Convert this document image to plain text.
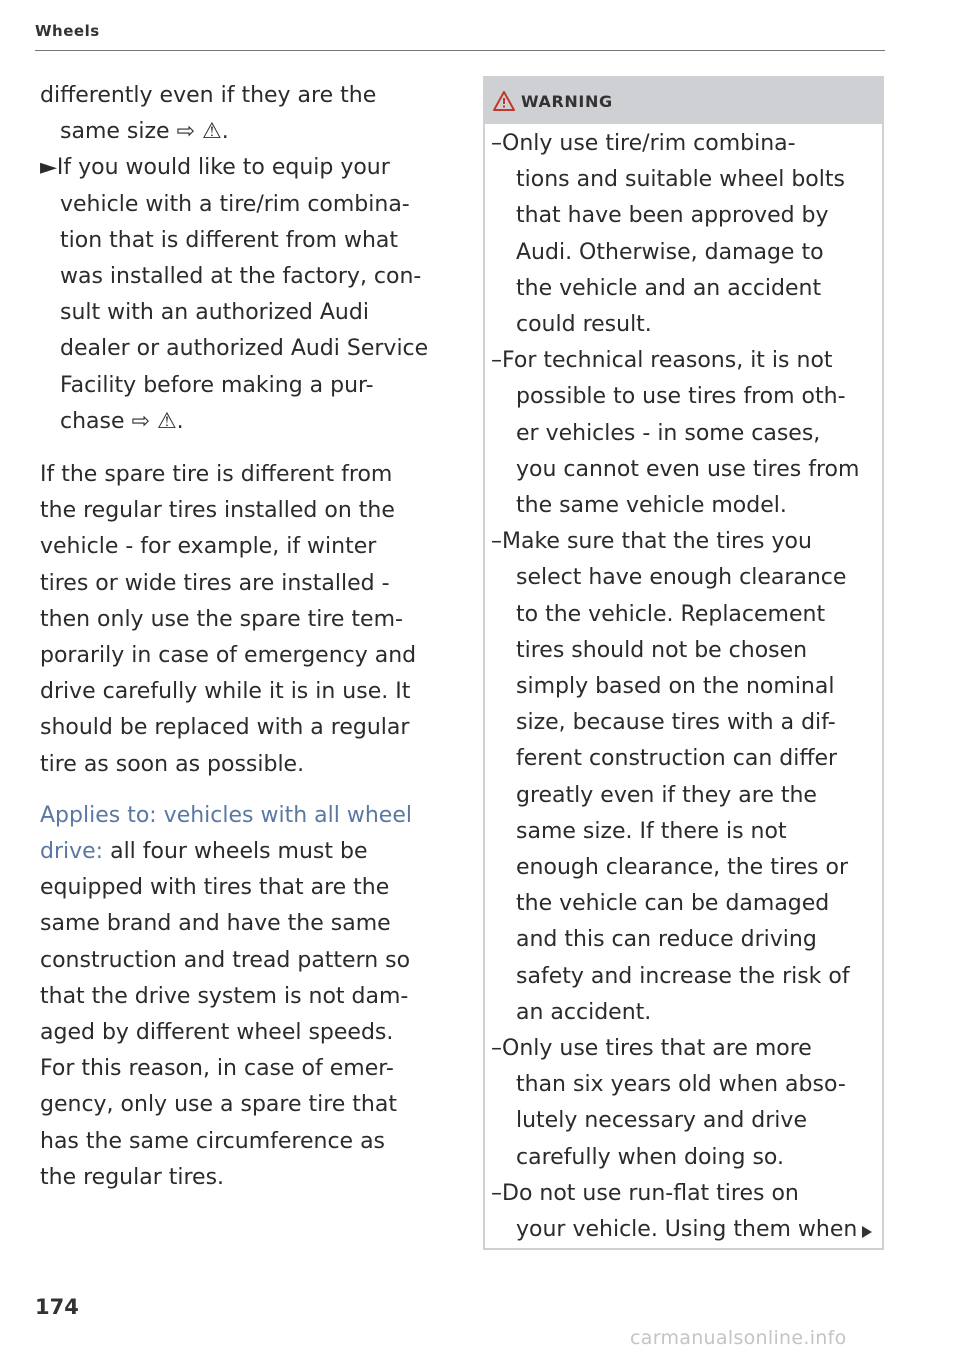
Wheels
differently even if they are the
same size ⇨ ⚠.
►If you would like to equip your
vehicle with a tire/rim combina-
tion that is different from what
was installed at the factory, con-
sult with an authorized Audi
dealer or authorized Audi Service
Facility before making a pur-
chase ⇨ ⚠.
If the spare tire is different from
the regular tires installed on the
vehicle - for example, if winter
tires or wide tires are installed -
then only use the spare tire tem-
porarily in case of emergency and
drive carefully while it is in use. It
should be replaced with a regular
tire as soon as possible.
Applies to: vehicles with all wheel
drive: all four wheels must be
equipped with tires that are the
same brand and have the same
construction and tread pattern so
that the drive system is not dam-
aged by different wheel speeds.
For this reason, in case of emer-
gency, only use a spare tire that
has the same circumference as
the regular tires.
WARNING
–Only use tire/rim combina-
tions and suitable wheel bolts
that have been approved by
Audi. Otherwise, damage to
the vehicle and an accident
could result.
–For technical reasons, it is not
possible to use tires from oth-
er vehicles - in some cases,
you cannot even use tires from
the same vehicle model.
–Make sure that the tires you
select have enough clearance
to the vehicle. Replacement
tires should not be chosen
simply based on the nominal
size, because tires with a dif-
ferent construction can differ
greatly even if they are the
same size. If there is not
enough clearance, the tires or
the vehicle can be damaged
and this can reduce driving
safety and increase the risk of
an accident.
–Only use tires that are more
than six years old when abso-
lutely necessary and drive
carefully when doing so.
–Do not use run-flat tires on
your vehicle. Using them when
174
carmanualsonline.info
